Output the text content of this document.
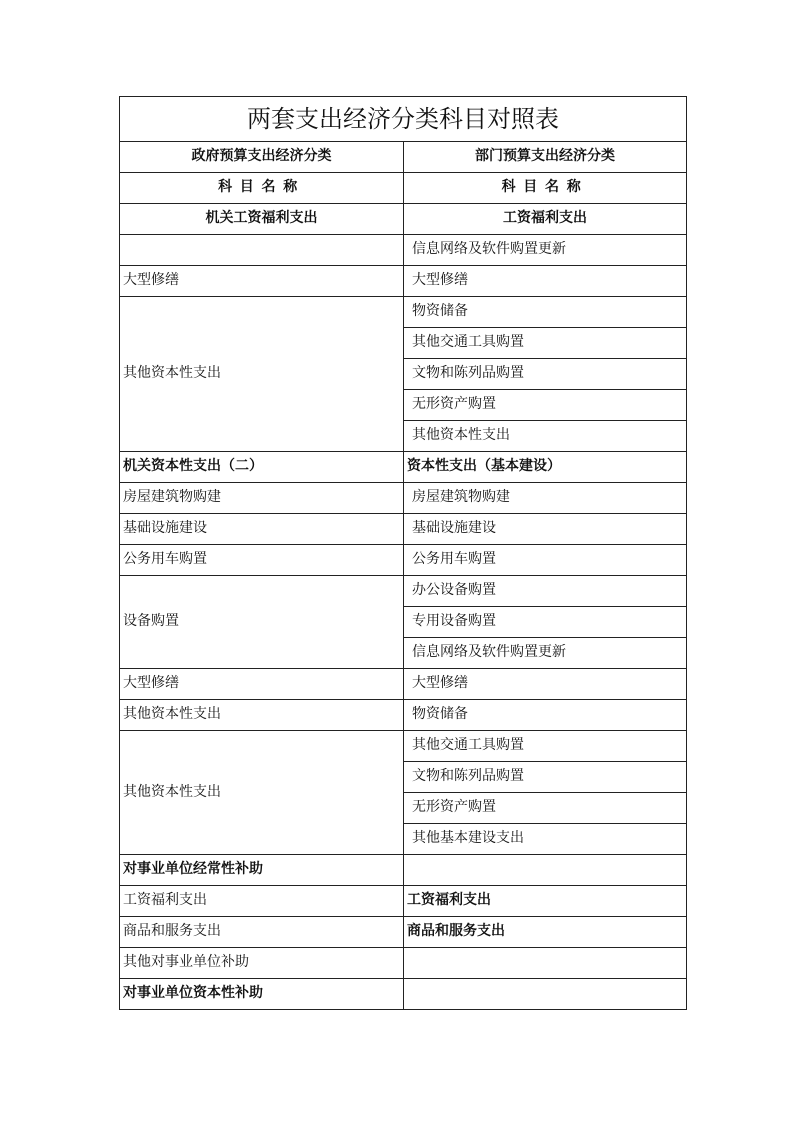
两套支出经济分类科目对照表	
政府预算支出经济分类	部门预算支出经济分类
科目名称	科目名称
机关工资福利支出	工资福利支出
	信息网络及软件购置更新
大型修缮	大型修缮
其他资本性支出	物资储备
	其他交通工具购置
	文物和陈列品购置
	无形资产购置
	其他资本性支出
机关资本性支出（二）	资本性支出（基本建设）
房屋建筑物购建	房屋建筑物购建
基础设施建设	基础设施建设
公务用车购置	公务用车购置
设备购置	办公设备购置
	专用设备购置
	信息网络及软件购置更新
大型修缮	大型修缮
其他资本性支出	物资储备
其他资本性支出	其他交通工具购置
	文物和陈列品购置
	无形资产购置
	其他基本建设支出
对事业单位经常性补助	
工资福利支出	工资福利支出
商品和服务支出	商品和服务支出
其他对事业单位补助	
对事业单位资本性补助	
